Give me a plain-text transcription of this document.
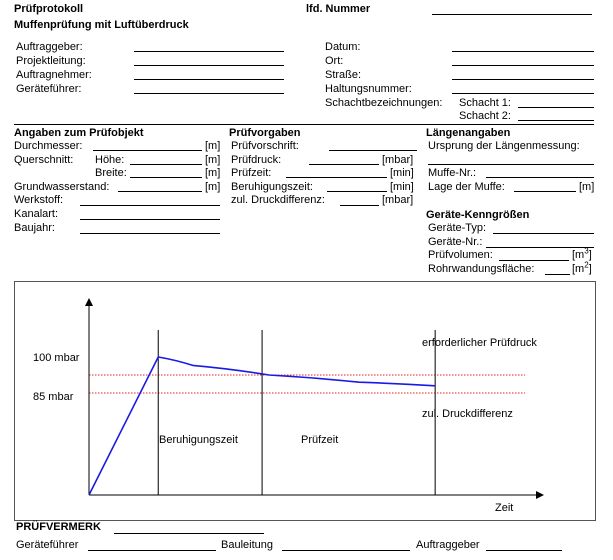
Prüfprotokoll
Muffenprüfung mit Luftüberdruck
lfd. Nummer
Auftraggeber:
Projektleitung:
Auftragnehmer:
Geräteführer:
Datum:
Ort:
Straße:
Haltungsnummer:
Schachtbezeichnungen: Schacht 1:
Schacht 2:
Angaben zum Prüfobjekt
Durchmesser:	[m]
Querschnitt: Höhe:	[m]
Breite:	[m]
Grundwasserstand:	[m]
Werkstoff:
Kanalart:
Baujahr:
Prüfvorgaben
Prüfvorschrift:
Prüfdruck:	[mbar]
Prüfzeit:	[min]
Beruhigungszeit:	[min]
zul. Druckdifferenz:	[mbar]
Längenangaben
Ursprung der Längenmessung:
Muffe-Nr.:
Lage der Muffe:	[m]
Geräte-Kenngrößen
Geräte-Typ:
Geräte-Nr.:
Prüfvolumen:	$[m^3]$
Rohrwandungsfläche:	$[m^2]$
Zeit
100 mbar
85 mbar
erforderlicher Prüfdruck
zul. Druckdifferenz
Beruhigungszeit	Prüfzeit
PRÜFVERMERK
Geräteführer	Bauleitung	Auftraggeber
